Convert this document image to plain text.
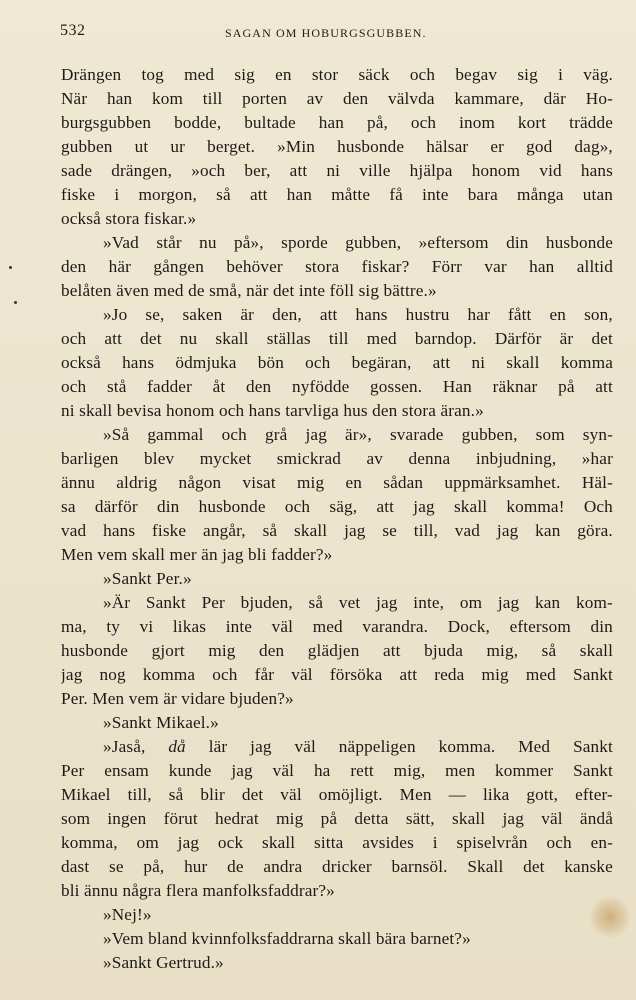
532	SAGAN OM HOBURGSGUBBEN.

Drängen tog med sig en stor säck och begav sig i väg.

När han kom till porten av den välvda kammare, där Ho-

burgsgubben bodde, bultade han på, och inom kort trädde

gubben ut ur berget. »Min husbonde hälsar er god dag»,

sade drängen, »och ber, att ni ville hjälpa honom vid hans

fiske i morgon, så att han måtte få inte bara många utan

också stora fiskar.»

»Vad står nu på», sporde gubben, »eftersom din husbonde

den här gången behöver stora fiskar? Förr var han alltid

belåten även med de små, när det inte föll sig bättre.»

»Jo se, saken är den, att hans hustru har fått en son,

och att det nu skall ställas till med barndop. Därför är det

också hans ödmjuka bön och begäran, att ni skall komma

och stå fadder åt den nyfödde gossen. Han räknar på att

ni skall bevisa honom och hans tarvliga hus den stora äran.»

»Så gammal och grå jag är», svarade gubben, som syn-

barligen blev mycket smickrad av denna inbjudning, »har

ännu aldrig någon visat mig en sådan uppmärksamhet. Häl-

sa därför din husbonde och säg, att jag skall komma! Och

vad hans fiske angår, så skall jag se till, vad jag kan göra.

Men vem skall mer än jag bli fadder?»

»Sankt Per.»

»Är Sankt Per bjuden, så vet jag inte, om jag kan kom-

ma, ty vi likas inte väl med varandra. Dock, eftersom din

husbonde gjort mig den glädjen att bjuda mig, så skall

jag nog komma och får väl försöka att reda mig med Sankt

Per. Men vem är vidare bjuden?»

»Sankt Mikael.»

»Jaså, då lär jag väl näppeligen komma. Med Sankt

Per ensam kunde jag väl ha rett mig, men kommer Sankt

Mikael till, så blir det väl omöjligt. Men — lika gott, efter-

som ingen förut hedrat mig på detta sätt, skall jag väl ändå

komma, om jag ock skall sitta avsides i spiselvrån och en-

dast se på, hur de andra dricker barnsöl. Skall det kanske

bli ännu några flera manfolksfaddrar?»

»Nej!»

»Vem bland kvinnfolksfaddrarna skall bära barnet?»

»Sankt Gertrud.»
